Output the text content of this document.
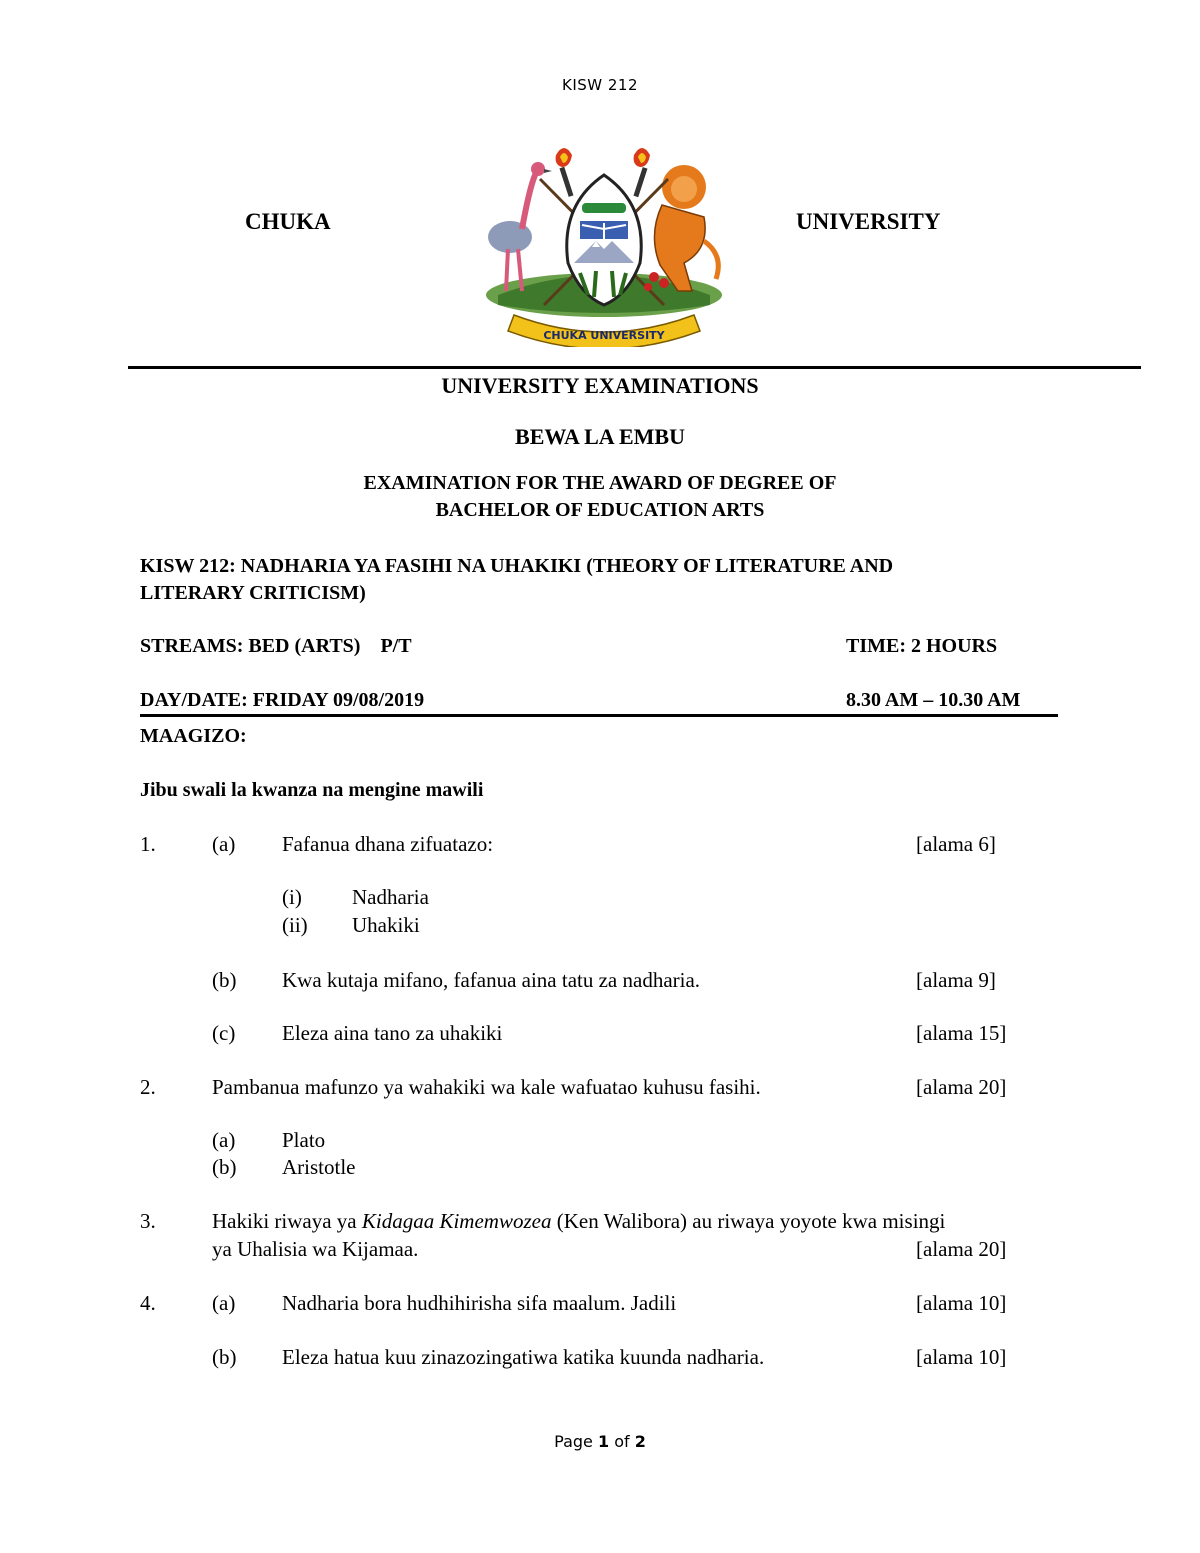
KISW 212
CHUKA	UNIVERSITY
CHUKA UNIVERSITY
UNIVERSITY EXAMINATIONS
BEWA LA EMBU
EXAMINATION FOR THE AWARD OF DEGREE OF
BACHELOR OF EDUCATION ARTS
KISW 212: NADHARIA YA FASIHI NA UHAKIKI (THEORY OF LITERATURE AND
LITERARY CRITICISM)
STREAMS: BED (ARTS)    P/T	TIME: 2 HOURS
DAY/DATE: FRIDAY 09/08/2019	8.30 AM – 10.30 AM
MAAGIZO:
Jibu swali la kwanza na mengine mawili
1.	(a) Fafanua dhana zifuatazo:	[alama 6]
(i) Nadharia
(ii) Uhakiki
(b) Kwa kutaja mifano, fafanua aina tatu za nadharia.	[alama 9]
(c) Eleza aina tano za uhakiki	[alama 15]
2.	Pambanua mafunzo ya wahakiki wa kale wafuatao kuhusu fasihi.	[alama 20]
(a) Plato
(b) Aristotle
3.	Hakiki riwaya ya Kidagaa Kimemwozea (Ken Walibora) au riwaya yoyote kwa misingi
ya Uhalisia wa Kijamaa.	[alama 20]
4.	(a) Nadharia bora hudhihirisha sifa maalum. Jadili	[alama 10]
(b) Eleza hatua kuu zinazozingatiwa katika kuunda nadharia.	[alama 10]
Page 1 of 2
